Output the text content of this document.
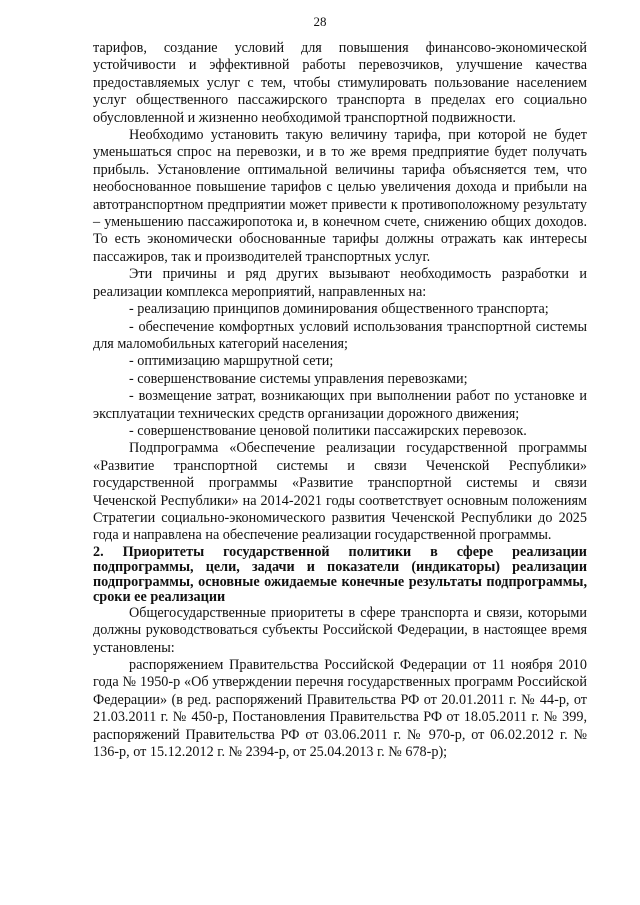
28

тарифов, создание условий для повышения финансово-экономической устойчивости и эффективной работы перевозчиков, улучшение качества предоставляемых услуг с тем, чтобы стимулировать пользование населением услуг общественного пассажирского транспорта в пределах его социально обусловленной и жизненно необходимой транспортной подвижности.

Необходимо установить такую величину тарифа, при которой не будет уменьшаться спрос на перевозки, и в то же время предприятие будет получать прибыль. Установление оптимальной величины тарифа объясняется тем, что необоснованное повышение тарифов с целью увеличения дохода и прибыли на автотранспортном предприятии может привести к противоположному результату – уменьшению пассажиропотока и, в конечном счете, снижению общих доходов. То есть экономически обоснованные тарифы должны отражать как интересы пассажиров, так и производителей транспортных услуг.

Эти причины и ряд других вызывают необходимость разработки и реализации комплекса мероприятий, направленных на:

- реализацию принципов доминирования общественного транспорта;

- обеспечение комфортных условий использования транспортной системы для маломобильных категорий населения;

- оптимизацию маршрутной сети;

- совершенствование системы управления перевозками;

- возмещение затрат, возникающих при выполнении работ по установке и эксплуатации технических средств организации дорожного движения;

- совершенствование ценовой политики пассажирских перевозок.

Подпрограмма «Обеспечение реализации государственной программы «Развитие транспортной системы и связи Чеченской Республики» государственной программы «Развитие транспортной системы и связи Чеченской Республики» на 2014-2021 годы соответствует основным положениям Стратегии социально-экономического развития Чеченской Республики до 2025 года и направлена на обеспечение реализации государственной программы.

2. Приоритеты государственной политики в сфере реализации подпрограммы, цели, задачи и показатели (индикаторы) реализации подпрограммы, основные ожидаемые конечные результаты подпрограммы, сроки ее реализации

Общегосударственные приоритеты в сфере транспорта и связи, которыми должны руководствоваться субъекты Российской Федерации, в настоящее время установлены:

распоряжением Правительства Российской Федерации от 11 ноября 2010 года № 1950-р «Об утверждении перечня государственных программ Российской Федерации» (в ред. распоряжений Правительства РФ от 20.01.2011 г. № 44-р, от 21.03.2011 г. № 450-р, Постановления Правительства РФ от 18.05.2011 г. № 399, распоряжений Правительства РФ от 03.06.2011 г. № 970-р, от 06.02.2012 г. № 136-р, от 15.12.2012 г. № 2394-р, от 25.04.2013 г. № 678-р);
